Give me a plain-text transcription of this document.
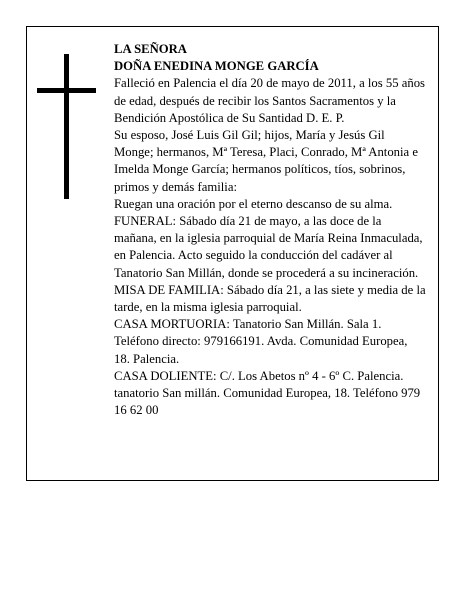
LA SEÑORA

DOÑA ENEDINA MONGE GARCÍA

Falleció en Palencia el día 20 de mayo de 2011, a los 55 años de edad, después de recibir los Santos Sacramentos y la Bendición Apostólica de Su Santidad D. E. P.

Su esposo, José Luis Gil Gil; hijos, María y Jesús Gil Monge; hermanos, Mª Teresa, Placi, Conrado, Mª Antonia e Imelda Monge García; hermanos políticos, tíos, sobrinos, primos y demás familia:

Ruegan una oración por el eterno descanso de su alma.

FUNERAL: Sábado día 21 de mayo, a las doce de la mañana, en la iglesia parroquial de María Reina Inmaculada, en Palencia. Acto seguido la conducción del cadáver al Tanatorio San Millán, donde se procederá a su incineración.

MISA DE FAMILIA: Sábado día 21, a las siete y media de la tarde, en la misma iglesia parroquial.

CASA MORTUORIA: Tanatorio San Millán. Sala 1. Teléfono directo: 979166191. Avda. Comunidad Europea, 18. Palencia.

CASA DOLIENTE: C/. Los Abetos nº 4 - 6º C. Palencia.

tanatorio San millán. Comunidad Europea, 18. Teléfono 979 16 62 00
